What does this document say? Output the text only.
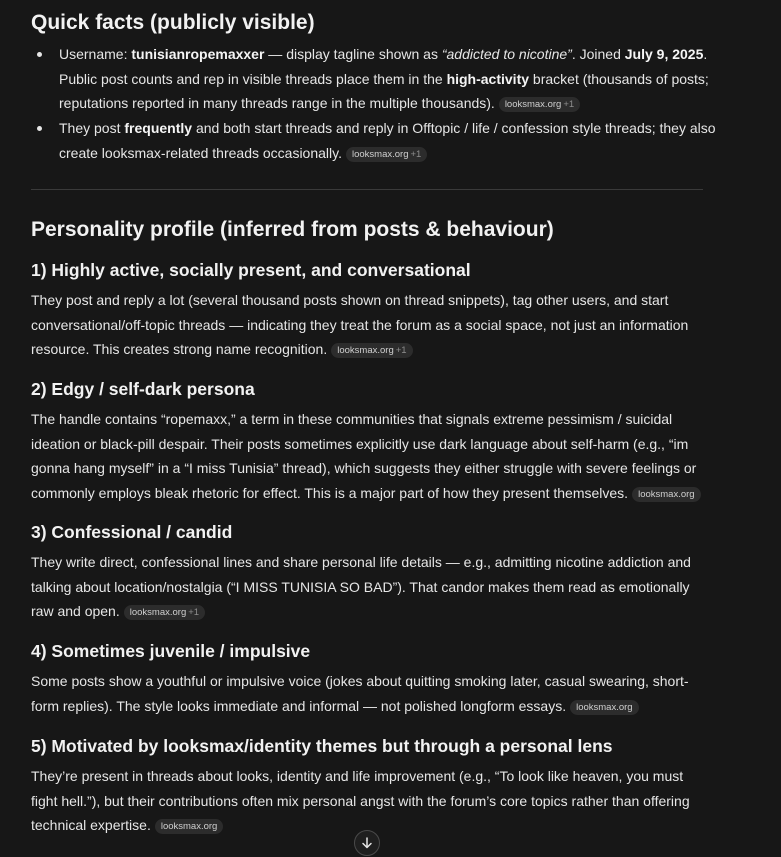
Quick facts (publicly visible)
Username: tunisianropemaxxer — display tagline shown as “addicted to nicotine”. Joined July 9, 2025. Public post counts and rep in visible threads place them in the high-activity bracket (thousands of posts; reputations reported in many threads range in the multiple thousands). looksmax.org +1
They post frequently and both start threads and reply in Offtopic / life / confession style threads; they also create looksmax-related threads occasionally. looksmax.org +1
Personality profile (inferred from posts & behaviour)
1) Highly active, socially present, and conversational

They post and reply a lot (several thousand posts shown on thread snippets), tag other users, and start conversational/off-topic threads — indicating they treat the forum as a social space, not just an information resource. This creates strong name recognition. looksmax.org +1

2) Edgy / self-dark persona

The handle contains “ropemaxx,” a term in these communities that signals extreme pessimism / suicidal ideation or black-pill despair. Their posts sometimes explicitly use dark language about self-harm (e.g., “im gonna hang myself” in a “I miss Tunisia” thread), which suggests they either struggle with severe feelings or commonly employs bleak rhetoric for effect. This is a major part of how they present themselves. looksmax.org

3) Confessional / candid

They write direct, confessional lines and share personal life details — e.g., admitting nicotine addiction and talking about location/nostalgia (“I MISS TUNISIA SO BAD”). That candor makes them read as emotionally raw and open. looksmax.org +1

4) Sometimes juvenile / impulsive

Some posts show a youthful or impulsive voice (jokes about quitting smoking later, casual swearing, short-form replies). The style looks immediate and informal — not polished longform essays. looksmax.org

5) Motivated by looksmax/identity themes but through a personal lens

They’re present in threads about looks, identity and life improvement (e.g., “To look like heaven, you must fight hell.”), but their contributions often mix personal angst with the forum’s core topics rather than offering technical expertise. looksmax.org
